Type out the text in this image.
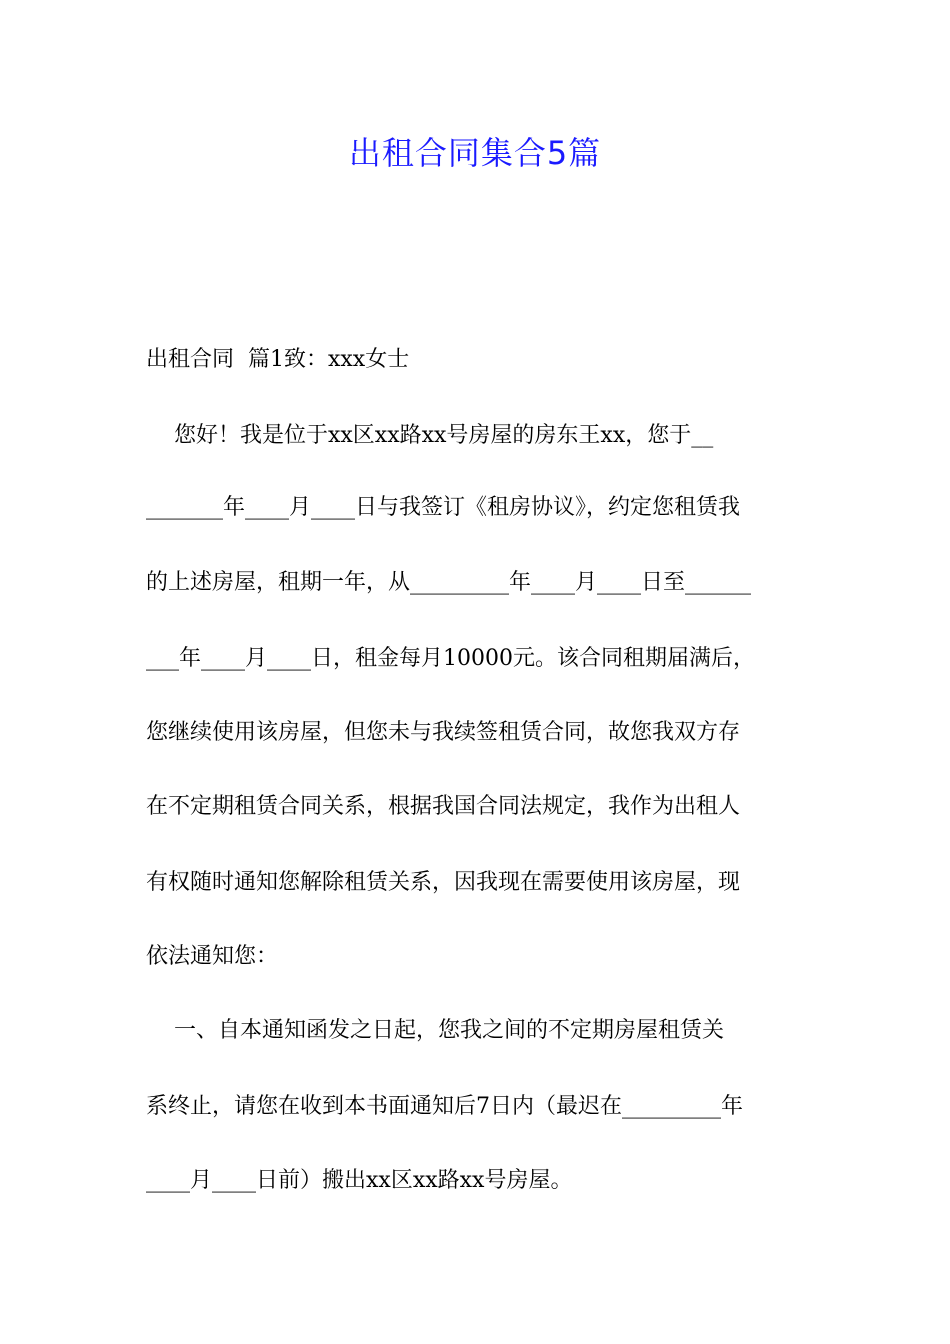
出租合同集合5篇
出租合同  篇1致：xxx女士
您好！我是位于xx区xx路xx号房屋的房东王xx，您于__
_______年____月____日与我签订《租房协议》，约定您租赁我
的上述房屋，租期一年，从_________年____月____日至______
___年____月____日，租金每月10000元。该合同租期届满后，
您继续使用该房屋，但您未与我续签租赁合同，故您我双方存
在不定期租赁合同关系，根据我国合同法规定，我作为出租人
有权随时通知您解除租赁关系，因我现在需要使用该房屋，现
依法通知您：
一、自本通知函发之日起，您我之间的不定期房屋租赁关
系终止，请您在收到本书面通知后7日内（最迟在_________年
____月____日前）搬出xx区xx路xx号房屋。
